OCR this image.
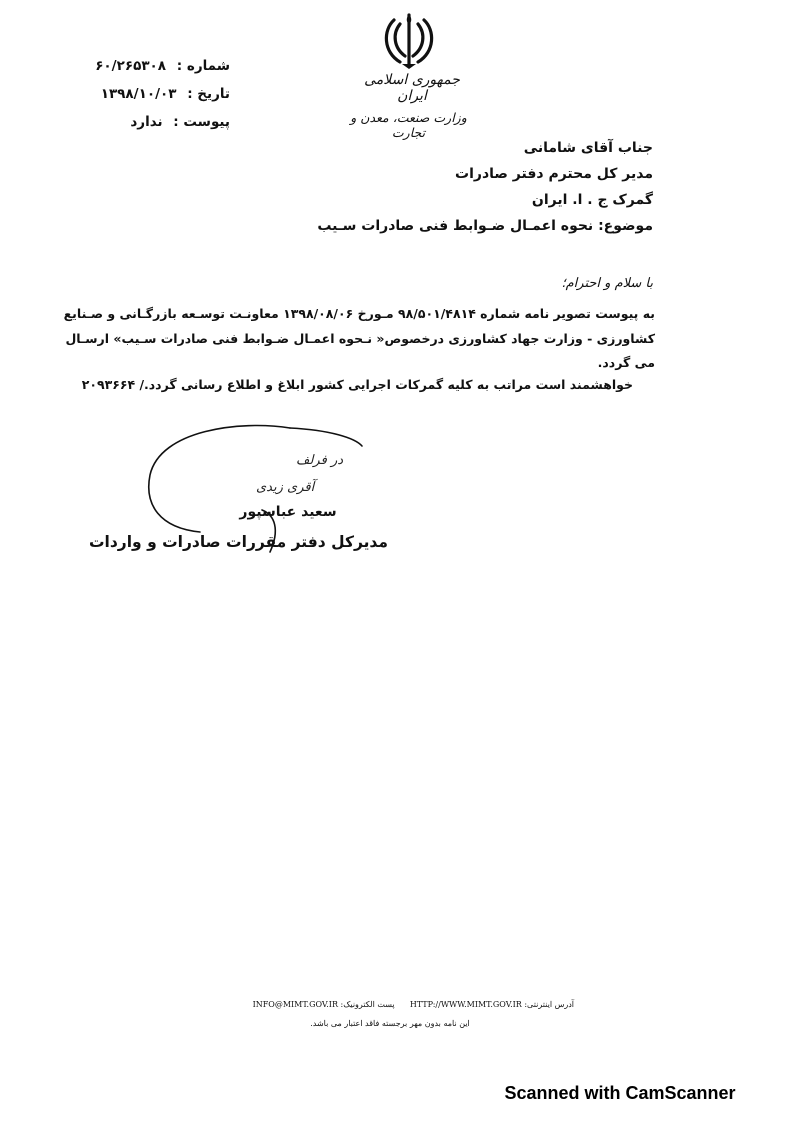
جمهوری اسلامی ایران
وزارت صنعت، معدن و تجارت
شماره : ۶۰/۲۶۵۳۰۸
تاریخ : ۱۳۹۸/۱۰/۰۳
پیوست : ندارد
جناب آقای شامانی
مدیر کل محترم دفتر صادرات
گمرک ج . ا. ایران
موضوع: نحوه اعمـال ضـوابط فنی صادرات سـیب
با سلام و احترام؛
به پیوست تصویر نامه شماره ۹۸/۵۰۱/۴۸۱۴ مـورخ ۱۳۹۸/۰۸/۰۶ معاونـت توسـعه بازرگـانی و صـنایع
کشاورزی - وزارت جهاد کشاورزی درخصوص« نـحوه اعمـال ضـوابط فنی صادرات سـیب» ارسـال
می گردد.
خواهشمند است مراتب به کلیه گمرکات اجرایی کشور ابلاغ و اطلاع رسانی گردد./ ۲۰۹۳۶۶۴
در فرلف
آقری زیدی
سعید عباسپور
مدیرکل دفتر مقررات صادرات و واردات
آدرس اینترنتی: HTTP://WWW.MIMT.GOV.IR      پست الکترونیک: INFO@MIMT.GOV.IR
این نامه بدون مهر برجسته فاقد اعتبار می باشد.
Scanned with CamScanner
